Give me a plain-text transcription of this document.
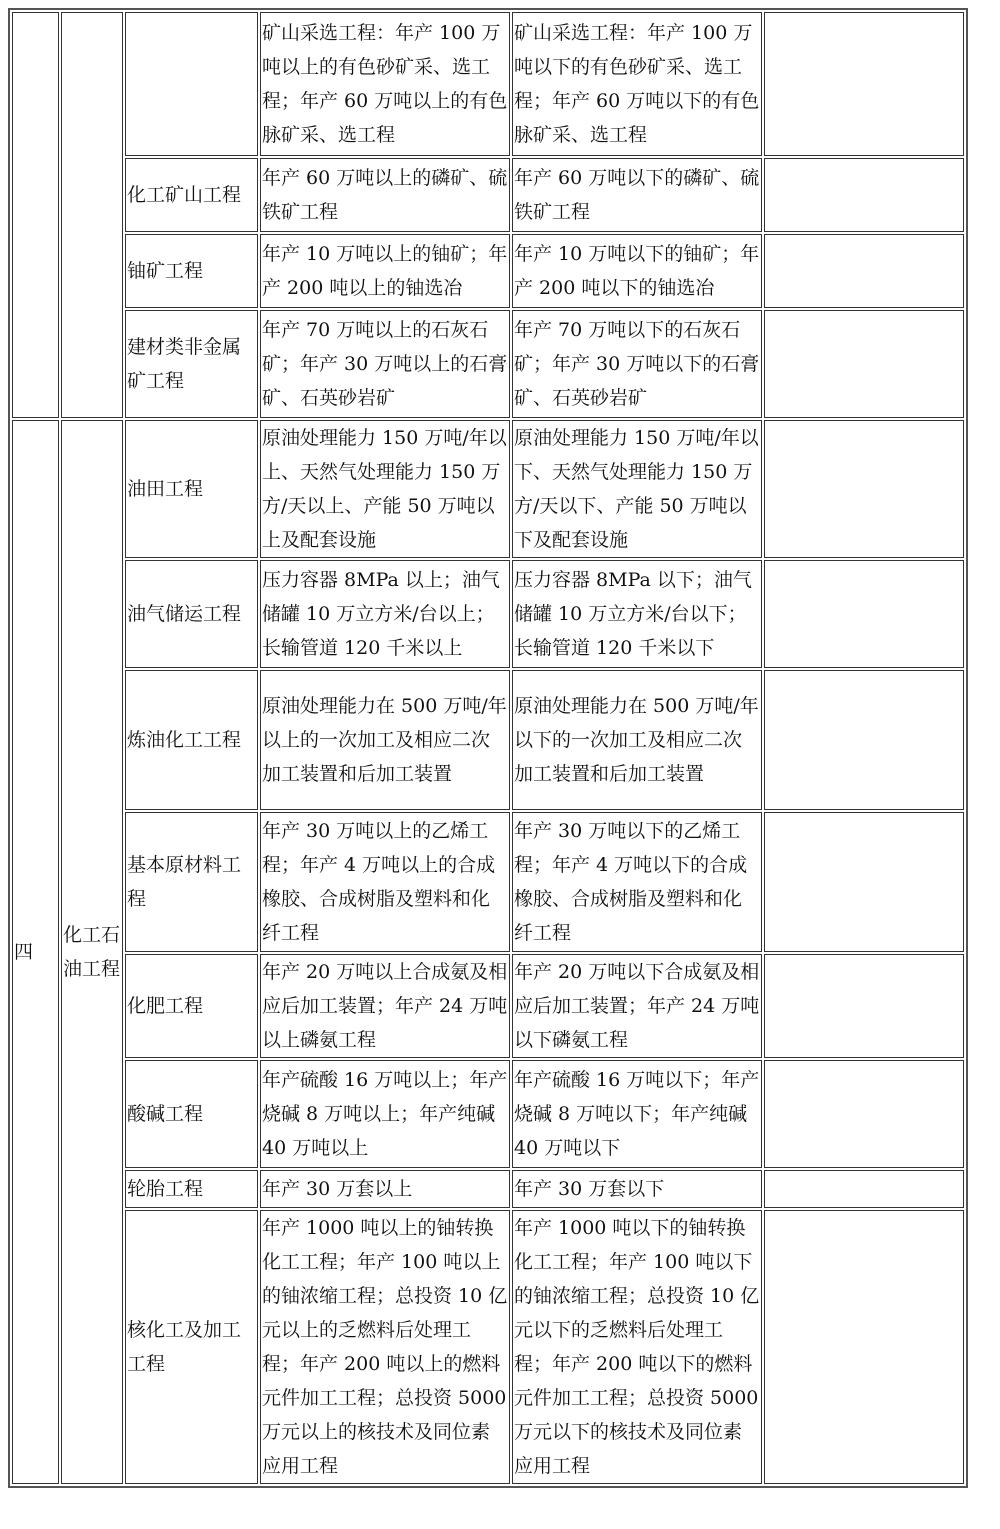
			矿山采选工程：年产 100 万吨以上的有色砂矿采、选工程；年产 60 万吨以上的有色脉矿采、选工程	矿山采选工程：年产 100 万吨以下的有色砂矿采、选工程；年产 60 万吨以下的有色脉矿采、选工程	
		化工矿山工程	年产 60 万吨以上的磷矿、硫铁矿工程	年产 60 万吨以下的磷矿、硫铁矿工程	
		铀矿工程	年产 10 万吨以上的铀矿；年产 200 吨以上的铀选冶	年产 10 万吨以下的铀矿；年产 200 吨以下的铀选冶	
		建材类非金属矿工程	年产 70 万吨以上的石灰石矿；年产 30 万吨以上的石膏矿、石英砂岩矿	年产 70 万吨以下的石灰石矿；年产 30 万吨以下的石膏矿、石英砂岩矿	
四	化工石油工程	油田工程	原油处理能力 150 万吨/年以上、天然气处理能力 150 万方/天以上、产能 50 万吨以上及配套设施	原油处理能力 150 万吨/年以下、天然气处理能力 150 万方/天以下、产能 50 万吨以下及配套设施	
		油气储运工程	压力容器 8MPa 以上；油气储罐 10 万立方米/台以上；长输管道 120 千米以上	压力容器 8MPa 以下；油气储罐 10 万立方米/台以下；长输管道 120 千米以下	
		炼油化工工程	原油处理能力在 500 万吨/年以上的一次加工及相应二次加工装置和后加工装置	原油处理能力在 500 万吨/年以下的一次加工及相应二次加工装置和后加工装置	
		基本原材料工程	年产 30 万吨以上的乙烯工程；年产 4 万吨以上的合成橡胶、合成树脂及塑料和化纤工程	年产 30 万吨以下的乙烯工程；年产 4 万吨以下的合成橡胶、合成树脂及塑料和化纤工程	
		化肥工程	年产 20 万吨以上合成氨及相应后加工装置；年产 24 万吨以上磷氨工程	年产 20 万吨以下合成氨及相应后加工装置；年产 24 万吨以下磷氨工程	
		酸碱工程	年产硫酸 16 万吨以上；年产烧碱 8 万吨以上；年产纯碱 40 万吨以上	年产硫酸 16 万吨以下；年产烧碱 8 万吨以下；年产纯碱 40 万吨以下	
		轮胎工程	年产 30 万套以上	年产 30 万套以下	
		核化工及加工工程	年产 1000 吨以上的铀转换化工工程；年产 100 吨以上的铀浓缩工程；总投资 10 亿元以上的乏燃料后处理工程；年产 200 吨以上的燃料元件加工工程；总投资 5000 万元以上的核技术及同位素应用工程	年产 1000 吨以下的铀转换化工工程；年产 100 吨以下的铀浓缩工程；总投资 10 亿元以下的乏燃料后处理工程；年产 200 吨以下的燃料元件加工工程；总投资 5000 万元以下的核技术及同位素应用工程	
